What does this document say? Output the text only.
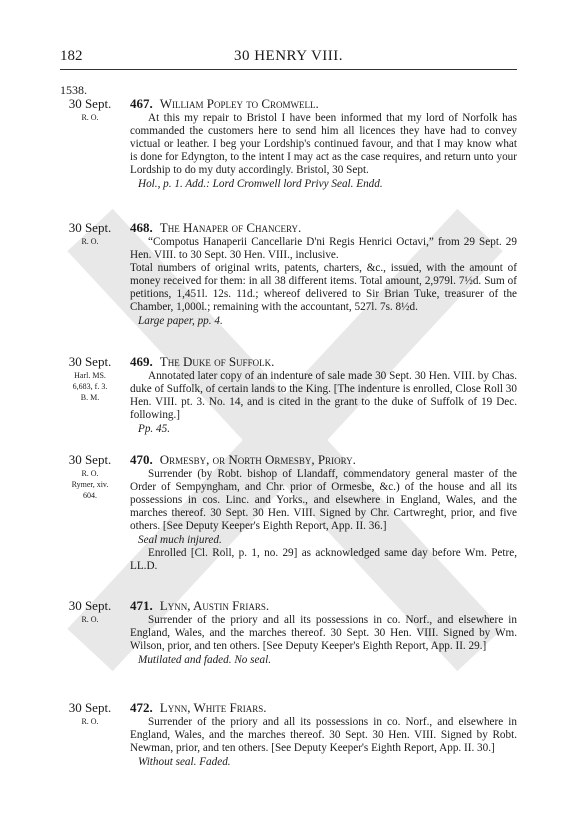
182	30 HENRY VIII.
1538.
30 Sept.
R. O.
467. William Popley to Cromwell.

At this my repair to Bristol I have been informed that my lord of Norfolk has commanded the customers here to send him all licences they have had to convey victual or leather. I beg your Lordship's continued favour, and that I may know what is done for Edyngton, to the intent I may act as the case requires, and return unto your Lordship to do my duty accordingly. Bristol, 30 Sept.

Hol., p. 1. Add.: Lord Cromwell lord Privy Seal. Endd.
30 Sept.
R. O.
468. The Hanaper of Chancery.

“Compotus Hanaperii Cancellarie D'ni Regis Henrici Octavi,” from 29 Sept. 29 Hen. VIII. to 30 Sept. 30 Hen. VIII., inclusive.

Total numbers of original writs, patents, charters, &c., issued, with the amount of money received for them: in all 38 different items. Total amount, 2,979l. 7½d. Sum of petitions, 1,451l. 12s. 11d.; whereof delivered to Sir Brian Tuke, treasurer of the Chamber, 1,000l.; remaining with the accountant, 527l. 7s. 8½d.

Large paper, pp. 4.
30 Sept.
Harl. MS.
6,683, f. 3.
B. M.
469. The Duke of Suffolk.

Annotated later copy of an indenture of sale made 30 Sept. 30 Hen. VIII. by Chas. duke of Suffolk, of certain lands to the King. [The indenture is enrolled, Close Roll 30 Hen. VIII. pt. 3. No. 14, and is cited in the grant to the duke of Suffolk of 19 Dec. following.]

Pp. 45.
30 Sept.
R. O.
Rymer, xiv.
604.
470. Ormesby, or North Ormesby, Priory.

Surrender (by Robt. bishop of Llandaff, commendatory general master of the Order of Sempyngham, and Chr. prior of Ormesbe, &c.) of the house and all its possessions in cos. Linc. and Yorks., and elsewhere in England, Wales, and the marches thereof. 30 Sept. 30 Hen. VIII. Signed by Chr. Cartwreght, prior, and five others. [See Deputy Keeper's Eighth Report, App. II. 36.]

Seal much injured.

Enrolled [Cl. Roll, p. 1, no. 29] as acknowledged same day before Wm. Petre, LL.D.

30 Sept.
R. O.
471. Lynn, Austin Friars.

Surrender of the priory and all its possessions in co. Norf., and elsewhere in England, Wales, and the marches thereof. 30 Sept. 30 Hen. VIII. Signed by Wm. Wilson, prior, and ten others. [See Deputy Keeper's Eighth Report, App. II. 29.]

Mutilated and faded. No seal.
30 Sept.
R. O.
472. Lynn, White Friars.

Surrender of the priory and all its possessions in co. Norf., and elsewhere in England, Wales, and the marches thereof. 30 Sept. 30 Hen. VIII. Signed by Robt. Newman, prior, and ten others. [See Deputy Keeper's Eighth Report, App. II. 30.]

Without seal. Faded.
